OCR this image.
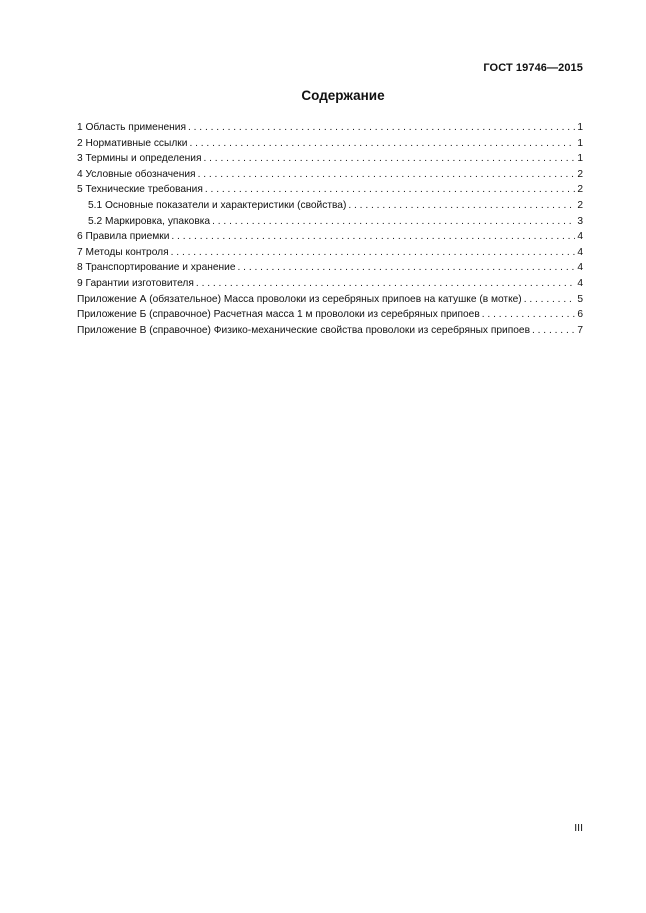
ГОСТ 19746—2015
Содержание
1 Область применения . . .	1
2 Нормативные ссылки . . .	1
3 Термины и определения . . .	1
4 Условные обозначения . . .	2
5 Технические требования . . .	2
5.1 Основные показатели и характеристики (свойства) . . .	2
5.2 Маркировка, упаковка . . .	3
6 Правила приемки . . .	4
7 Методы контроля . . .	4
8 Транспортирование и хранение . . .	4
9 Гарантии изготовителя . . .	4
Приложение А (обязательное) Масса проволоки из серебряных припоев на катушке (в мотке) . . .	5
Приложение Б (справочное) Расчетная масса 1 м проволоки из серебряных припоев . . .	6
Приложение В (справочное) Физико-механические свойства проволоки из серебряных припоев . . .	7
III
